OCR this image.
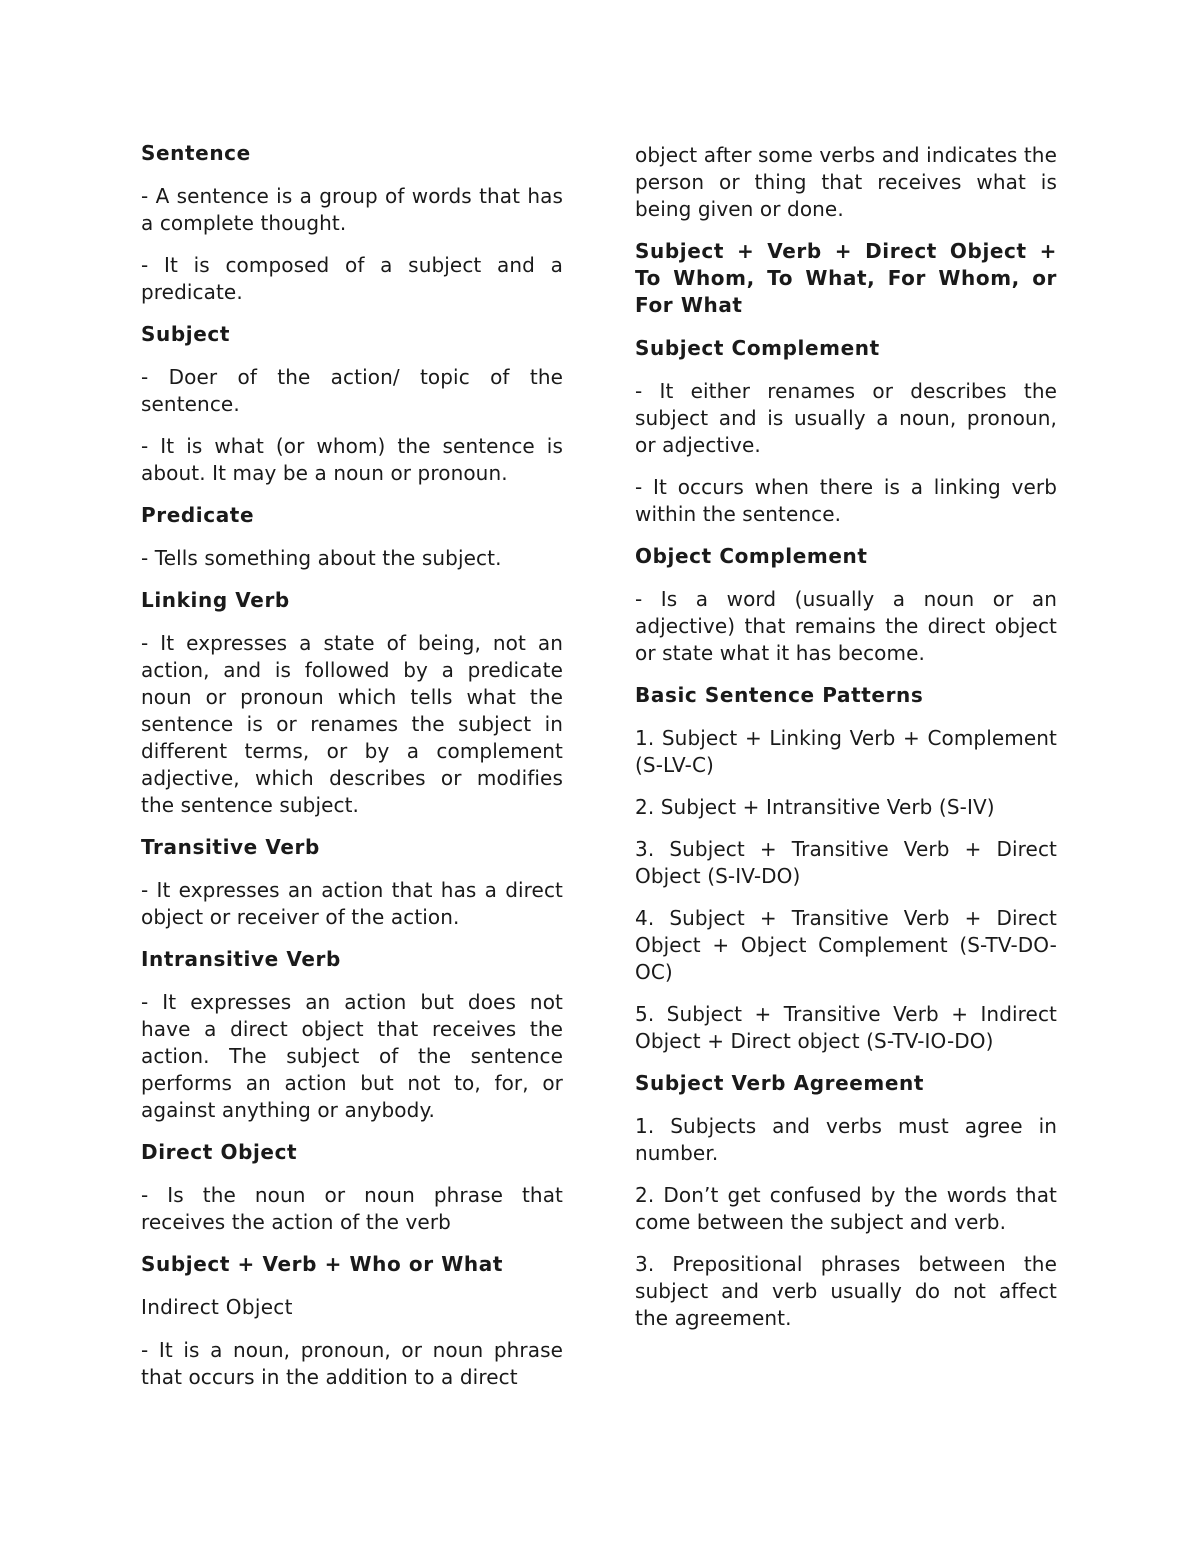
Sentence

- A sentence is a group of words that has a complete thought.

- It is composed of a subject and a predicate.

Subject

- Doer of the action/ topic of the sentence.

- It is what (or whom) the sentence is about. It may be a noun or pronoun.

Predicate

- Tells something about the subject.

Linking Verb

- It expresses a state of being, not an action, and is followed by a predicate noun or pronoun which tells what the sentence is or renames the subject in different terms, or by a complement adjective, which describes or modifies the sentence subject.

Transitive Verb

- It expresses an action that has a direct object or receiver of the action.

Intransitive Verb

- It expresses an action but does not have a direct object that receives the action. The subject of the sentence performs an action but not to, for, or against anything or anybody.

Direct Object

- Is the noun or noun phrase that receives the action of the verb

Subject + Verb + Who or What

Indirect Object

- It is a noun, pronoun, or noun phrase that occurs in the addition to a direct

object after some verbs and indicates the person or thing that receives what is being given or done.

Subject + Verb + Direct Object + To Whom, To What, For Whom, or For What

Subject Complement

- It either renames or describes the subject and is usually a noun, pronoun, or adjective.

- It occurs when there is a linking verb within the sentence.

Object Complement

- Is a word (usually a noun or an adjective) that remains the direct object or state what it has become.

Basic Sentence Patterns

1. Subject + Linking Verb + Complement (S-LV-C)

2. Subject + Intransitive Verb (S-IV)

3. Subject + Transitive Verb + Direct Object (S-IV-DO)

4. Subject + Transitive Verb + Direct Object + Object Complement (S-TV-DO-OC)

5. Subject + Transitive Verb + Indirect Object + Direct object (S-TV-IO-DO)

Subject Verb Agreement

1. Subjects and verbs must agree in number.

2. Don’t get confused by the words that come between the subject and verb.

3. Prepositional phrases between the subject and verb usually do not affect the agreement.
